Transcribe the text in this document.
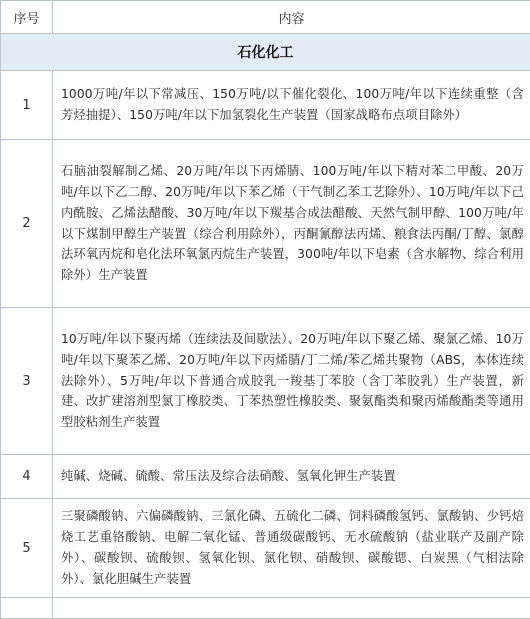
序号	内容
石化化工	
1	1000万吨/年以下常减压、150万吨/以下催化裂化、100万吨/年以下连续重整（含芳烃抽提）、150万吨/年以下加氢裂化生产装置（国家战略布点项目除外）
2	石脑油裂解制乙烯、20万吨/年以下丙烯腈、100万吨/年以下精对苯二甲酸、20万吨/年以下乙二醇、20万吨/年以下苯乙烯（干气制乙苯工艺除外）、10万吨/年以下己内酰胺、乙烯法醋酸、30万吨/年以下羰基合成法醋酸、天然气制甲醇、100万吨/年以下煤制甲醇生产装置（综合利用除外），丙酮氰醇法丙烯、粮食法丙酮/丁醇、氯醇法环氧丙烷和皂化法环氧氯丙烷生产装置，300吨/年以下皂素（含水解物、综合利用除外）生产装置
3	10万吨/年以下聚丙烯（连续法及间歇法）、20万吨/年以下聚乙烯、聚氯乙烯、10万吨/年以下聚苯乙烯、20万吨/年以下丙烯腈/丁二烯/苯乙烯共聚物（ABS，本体连续法除外）、5万吨/年以下普通合成胶乳一羧基丁苯胶（含丁苯胶乳）生产装置，新建、改扩建溶剂型氯丁橡胶类、丁苯热塑性橡胶类、聚氨酯类和聚丙烯酸酯类等通用型胶粘剂生产装置
4	纯碱、烧碱、硫酸、常压法及综合法硝酸、氢氧化钾生产装置
5	三聚磷酸钠、六偏磷酸钠、三氯化磷、五硫化二磷、饲料磷酸氢钙、氯酸钠、少钙焙烧工艺重铬酸钠、电解二氧化锰、普通级碳酸钙、无水硫酸钠（盐业联产及副产除外）、碳酸钡、硫酸钡、氢氧化钡、氯化钡、硝酸钡、碳酸锶、白炭黑（气相法除外）、氯化胆碱生产装置
